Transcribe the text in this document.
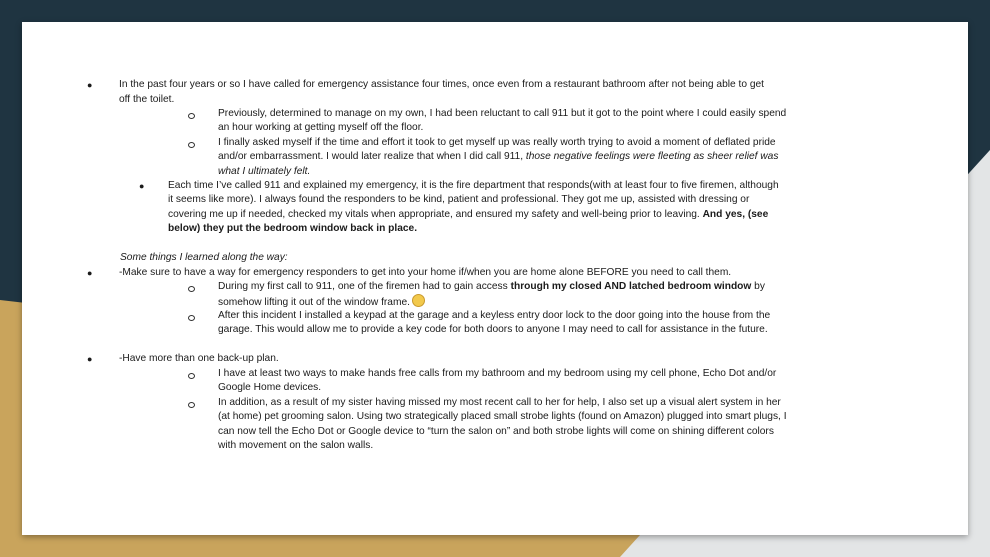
●	In the past four years or so I have called for emergency assistance four times, once even from a restaurant bathroom after not being able to get
off the toilet.
Previously, determined to manage on my own, I had been reluctant to call 911 but it got to the point where I could easily spend
an hour working at getting myself off the floor.
I finally asked myself if the time and effort it took to get myself up was really worth trying to avoid a moment of deflated pride
and/or embarrassment. I would later realize that when I did call 911, those negative feelings were fleeting as sheer relief was
what I ultimately felt.
● Each time I’ve called 911 and explained my emergency, it is the fire department that responds(with at least four to five firemen, although
it seems like more). I always found the responders to be kind, patient and professional. They got me up, assisted with dressing or
covering me up if needed, checked my vitals when appropriate, and ensured my safety and well-being prior to leaving. And yes, (see
below) they put the bedroom window back in place.
Some things I learned along the way:
●	-Make sure to have a way for emergency responders to get into your home if/when you are home alone BEFORE you need to call them.
During my first call to 911, one of the firemen had to gain access through my closed AND latched bedroom window by
somehow lifting it out of the window frame.
After this incident I installed a keypad at the garage and a keyless entry door lock to the door going into the house from the
garage. This would allow me to provide a key code for both doors to anyone I may need to call for assistance in the future.
●	-Have more than one back-up plan.
I have at least two ways to make hands free calls from my bathroom and my bedroom using my cell phone, Echo Dot and/or
Google Home devices.
In addition, as a result of my sister having missed my most recent call to her for help, I also set up a visual alert system in her
(at home) pet grooming salon. Using two strategically placed small strobe lights (found on Amazon) plugged into smart plugs, I
can now tell the Echo Dot or Google device to “turn the salon on” and both strobe lights will come on shining different colors
with movement on the salon walls.
